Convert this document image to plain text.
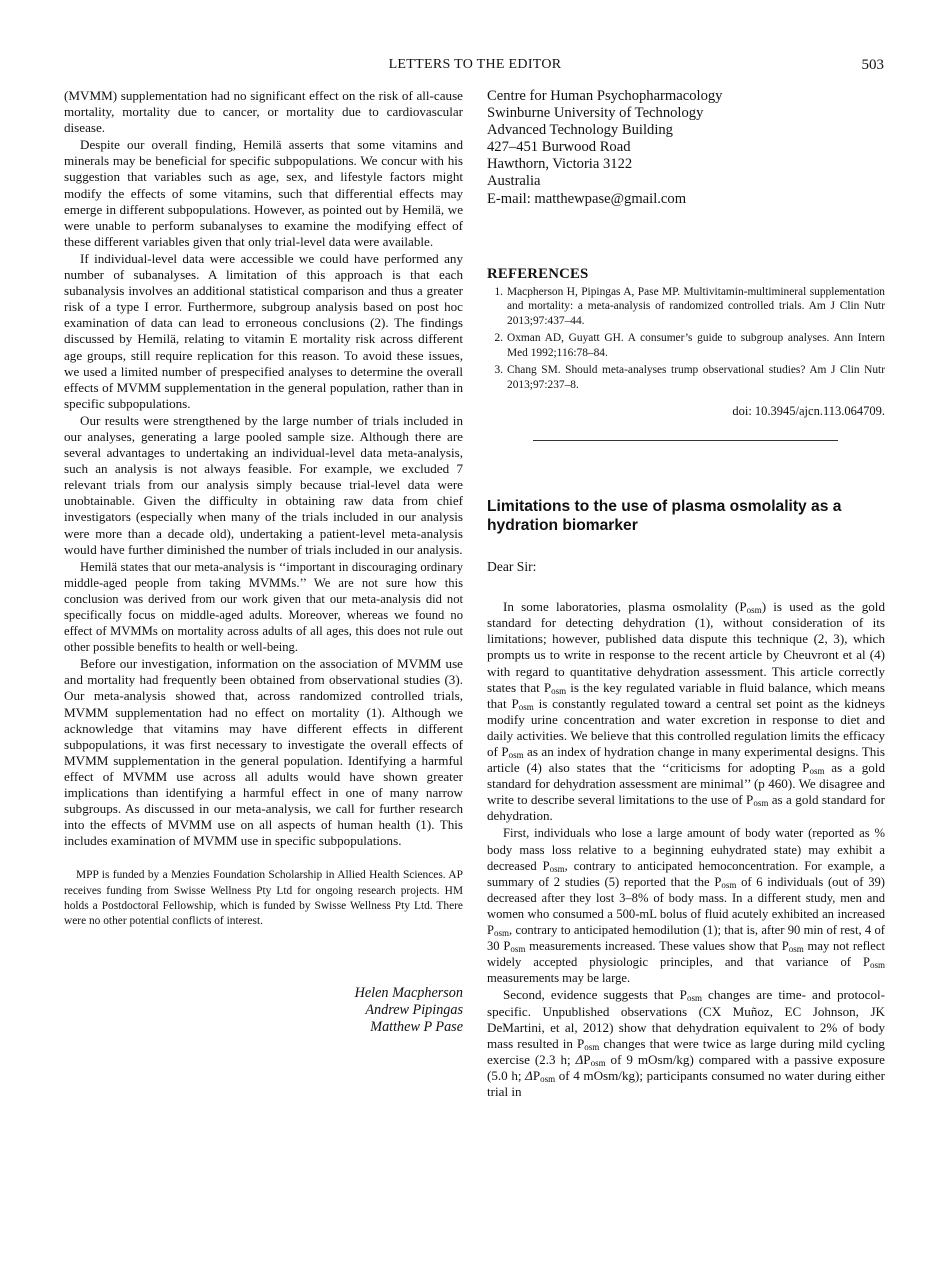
LETTERS TO THE EDITOR	503

(MVMM) supplementation had no significant effect on the risk of all-cause mortality, mortality due to cancer, or mortality due to cardiovascular disease.

Despite our overall finding, Hemilä asserts that some vitamins and minerals may be beneficial for specific subpopulations. We concur with his suggestion that variables such as age, sex, and lifestyle factors might modify the effects of some vitamins, such that differential effects may emerge in different subpopulations. However, as pointed out by Hemilä, we were unable to perform subanalyses to examine the modifying effect of these different variables given that only trial-level data were available.

If individual-level data were accessible we could have performed any number of subanalyses. A limitation of this approach is that each subanalysis involves an additional statistical comparison and thus a greater risk of a type I error. Furthermore, subgroup analysis based on post hoc examination of data can lead to erroneous conclusions (2). The findings discussed by Hemilä, relating to vitamin E mortality risk across different age groups, still require replication for this reason. To avoid these issues, we used a limited number of prespecified analyses to determine the overall effects of MVMM supplementation in the general population, rather than in specific subpopulations.

Our results were strengthened by the large number of trials included in our analyses, generating a large pooled sample size. Although there are several advantages to undertaking an individual-level data meta-analysis, such an analysis is not always feasible. For example, we excluded 7 relevant trials from our analysis simply because trial-level data were unobtainable. Given the difficulty in obtaining raw data from chief investigators (especially when many of the trials included in our analysis were more than a decade old), undertaking a patient-level meta-analysis would have further diminished the number of trials included in our analysis.

Hemilä states that our meta-analysis is ‘‘important in discouraging ordinary middle-aged people from taking MVMMs.’’ We are not sure how this conclusion was derived from our work given that our meta-analysis did not specifically focus on middle-aged adults. Moreover, whereas we found no effect of MVMMs on mortality across adults of all ages, this does not rule out other possible benefits to health or well-being.

Before our investigation, information on the association of MVMM use and mortality had frequently been obtained from observational studies (3). Our meta-analysis showed that, across randomized controlled trials, MVMM supplementation had no effect on mortality (1). Although we acknowledge that vitamins may have different effects in different subpopulations, it was first necessary to investigate the overall effects of MVMM supplementation in the general population. Identifying a harmful effect of MVMM use across all adults would have shown greater implications than identifying a harmful effect in one of many narrow subgroups. As discussed in our meta-analysis, we call for further research into the effects of MVMM use on all aspects of human health (1). This includes examination of MVMM use in specific subpopulations.

MPP is funded by a Menzies Foundation Scholarship in Allied Health Sciences. AP receives funding from Swisse Wellness Pty Ltd for ongoing research projects. HM holds a Postdoctoral Fellowship, which is funded by Swisse Wellness Pty Ltd. There were no other potential conflicts of interest.

Helen Macpherson
Andrew Pipingas
Matthew P Pase
Centre for Human Psychopharmacology
Swinburne University of Technology
Advanced Technology Building
427–451 Burwood Road
Hawthorn, Victoria 3122
Australia
E-mail: matthewpase@gmail.com
REFERENCES
1. Macpherson H, Pipingas A, Pase MP. Multivitamin-multimineral supplementation and mortality: a meta-analysis of randomized controlled trials. Am J Clin Nutr 2013;97:437–44.
2. Oxman AD, Guyatt GH. A consumer’s guide to subgroup analyses. Ann Intern Med 1992;116:78–84.
3. Chang SM. Should meta-analyses trump observational studies? Am J Clin Nutr 2013;97:237–8.
doi: 10.3945/ajcn.113.064709.
Limitations to the use of plasma osmolality as a hydration biomarker
Dear Sir:

In some laboratories, plasma osmolality $(P_{osm})$ is used as the gold standard for detecting dehydration (1), without consideration of its limitations; however, published data dispute this technique (2, 3), which prompts us to write in response to the recent article by Cheuvront et al (4) with regard to quantitative dehydration assessment. This article correctly states that $P_{osm}$ is the key regulated variable in fluid balance, which means that $P_{osm}$ is constantly regulated toward a central set point as the kidneys modify urine concentration and water excretion in response to diet and daily activities. We believe that this controlled regulation limits the efficacy of $P_{osm}$ as an index of hydration change in many experimental designs. This article (4) also states that the ‘‘criticisms for adopting $P_{osm}$ as a gold standard for dehydration assessment are minimal’’ (p 460). We disagree and write to describe several limitations to the use of $P_{osm}$ as a gold standard for dehydration.

First, individuals who lose a large amount of body water (reported as % body mass loss relative to a beginning euhydrated state) may exhibit a decreased $P_{osm}$, contrary to anticipated hemoconcentration. For example, a summary of 2 studies (5) reported that the $P_{osm}$ of 6 individuals (out of 39) decreased after they lost 3–8% of body mass. In a different study, men and women who consumed a 500-mL bolus of fluid acutely exhibited an increased $P_{osm}$, contrary to anticipated hemodilution (1); that is, after 90 min of rest, 4 of 30 $P_{osm}$ measurements increased. These values show that $P_{osm}$ may not reflect widely accepted physiologic principles, and that variance of $P_{osm}$ measurements may be large.

Second, evidence suggests that $P_{osm}$ changes are time- and protocol-specific. Unpublished observations (CX Muñoz, EC Johnson, JK DeMartini, et al, 2012) show that dehydration equivalent to 2% of body mass resulted in $P_{osm}$ changes that were twice as large during mild cycling exercise (2.3 h; $\Delta P_{osm}$ of 9 mOsm/kg) compared with a passive exposure (5.0 h; $\Delta P_{osm}$ of 4 mOsm/kg); participants consumed no water during either trial in
